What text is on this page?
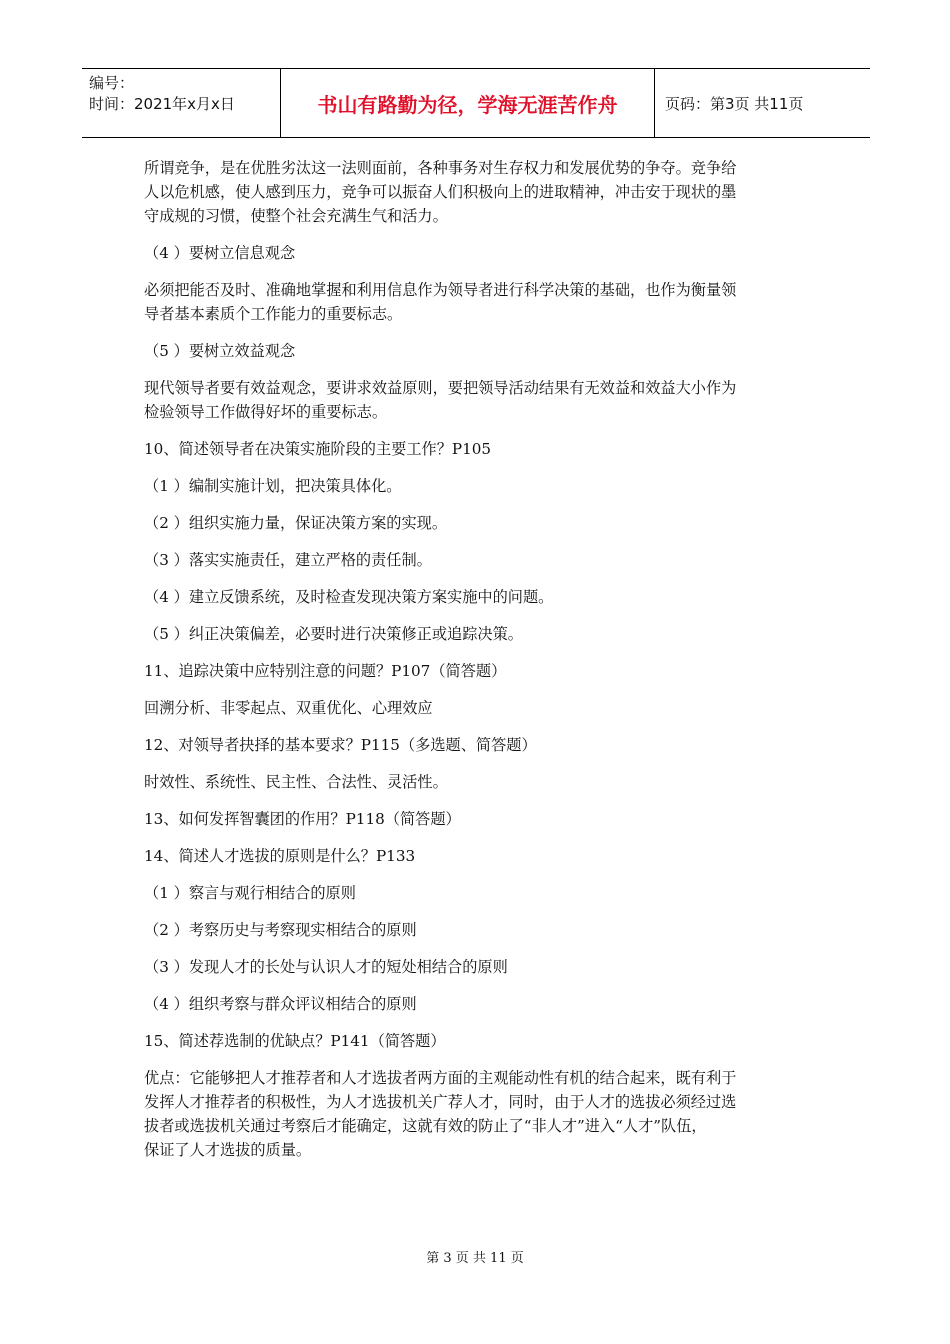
编号：
时间：2021年x月x日	书山有路勤为径，学海无涯苦作舟	页码：第3页 共11页

所谓竞争，是在优胜劣汰这一法则面前，各种事务对生存权力和发展优势的争夺。竞争给

人以危机感，使人感到压力，竞争可以振奋人们积极向上的进取精神，冲击安于现状的墨

守成规的习惯，使整个社会充满生气和活力。

（4 ）要树立信息观念

必须把能否及时、准确地掌握和利用信息作为领导者进行科学决策的基础，也作为衡量领

导者基本素质个工作能力的重要标志。

（5 ）要树立效益观念

现代领导者要有效益观念，要讲求效益原则，要把领导活动结果有无效益和效益大小作为

检验领导工作做得好坏的重要标志。

10、简述领导者在决策实施阶段的主要工作？P105

（1 ）编制实施计划，把决策具体化。

（2 ）组织实施力量，保证决策方案的实现。

（3 ）落实实施责任，建立严格的责任制。

（4 ）建立反馈系统，及时检查发现决策方案实施中的问题。

（5 ）纠正决策偏差，必要时进行决策修正或追踪决策。

11、追踪决策中应特别注意的问题？P107（简答题）

回溯分析、非零起点、双重优化、心理效应

12、对领导者抉择的基本要求？P115（多选题、简答题）

时效性、系统性、民主性、合法性、灵活性。

13、如何发挥智囊团的作用？P118（简答题）

14、简述人才选拔的原则是什么？P133

（1 ）察言与观行相结合的原则

（2 ）考察历史与考察现实相结合的原则

（3 ）发现人才的长处与认识人才的短处相结合的原则

（4 ）组织考察与群众评议相结合的原则

15、简述荐选制的优缺点？P141（简答题）

优点：它能够把人才推荐者和人才选拔者两方面的主观能动性有机的结合起来，既有利于

发挥人才推荐者的积极性，为人才选拔机关广荐人才，同时，由于人才的选拔必须经过选

拔者或选拔机关通过考察后才能确定，这就有效的防止了“非人才”进入“人才”队伍，

保证了人才选拔的质量。

第 3 页 共 11 页
